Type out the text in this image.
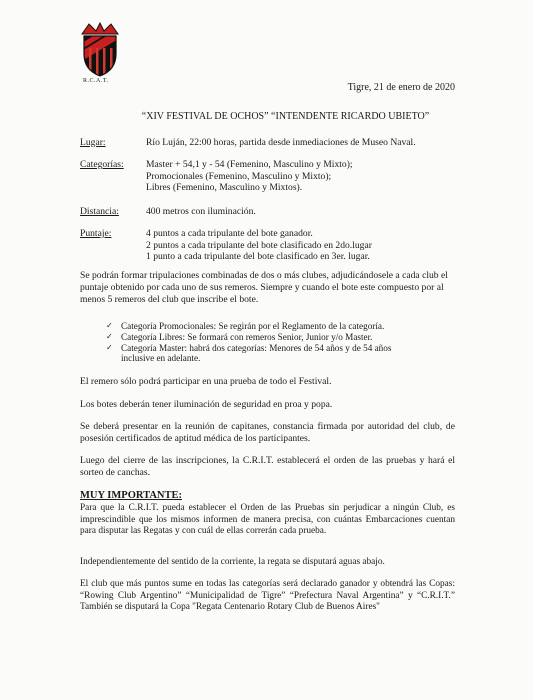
R.C.A.T.
Tigre, 21 de enero de 2020
“XIV FESTIVAL DE OCHOS” “INTENDENTE RICARDO UBIETO”
Lugar:	Río Luján, 22:00 horas, partida desde inmediaciones de Museo Naval.
Categorías: Master + 54,1 y - 54 (Femenino, Masculino y Mixto);
Promocionales (Femenino, Masculino y Mixto);
Libres (Femenino, Masculino y Mixtos).
Distancia:	400 metros con iluminación.
Puntaje:	4 puntos a cada tripulante del bote ganador.
2 puntos a cada tripulante del bote clasificado en 2do.lugar
1 punto a cada tripulante del bote clasificado en 3er. lugar.
Se podrán formar tripulaciones combinadas de dos o más clubes, adjudicándosele a cada club el puntaje obtenido por cada uno de sus remeros. Siempre y cuando el bote este compuesto por al menos 5 remeros del club que inscribe el bote.
✓ Categoría Promocionales: Se regirán por el Reglamento de la categoría.
✓ Categoría Libres: Se formará con remeros Senior, Junior y/o Master.
✓ Categoría Master: habrá dos categorías: Menores de 54 años y de 54 años inclusive en adelante.
El remero sólo podrá participar en una prueba de todo el Festival.
Los botes deberán tener iluminación de seguridad en proa y popa.
Se deberá presentar en la reunión de capitanes, constancia firmada por autoridad del club, de posesión certificados de aptitud médica de los participantes.
Luego del cierre de las inscripciones, la C.R.I.T. establecerá el orden de las pruebas y hará el sorteo de canchas.
MUY IMPORTANTE:
Para que la C.R.I.T. pueda establecer el Orden de las Pruebas sin perjudicar a ningún Club, es imprescindible que los mismos informen de manera precisa, con cuántas Embarcaciones cuentan para disputar las Regatas y con cuál de ellas correrán cada prueba.
Independientemente del sentido de la corriente, la regata se disputará aguas abajo.
El club que más puntos sume en todas las categorías será declarado ganador y obtendrá las Copas: “Rowing Club Argentino” “Municipalidad de Tigre” “Prefectura Naval Argentina” y “C.R.I.T.” También se disputará la Copa "Regata Centenario Rotary Club de Buenos Aires"
